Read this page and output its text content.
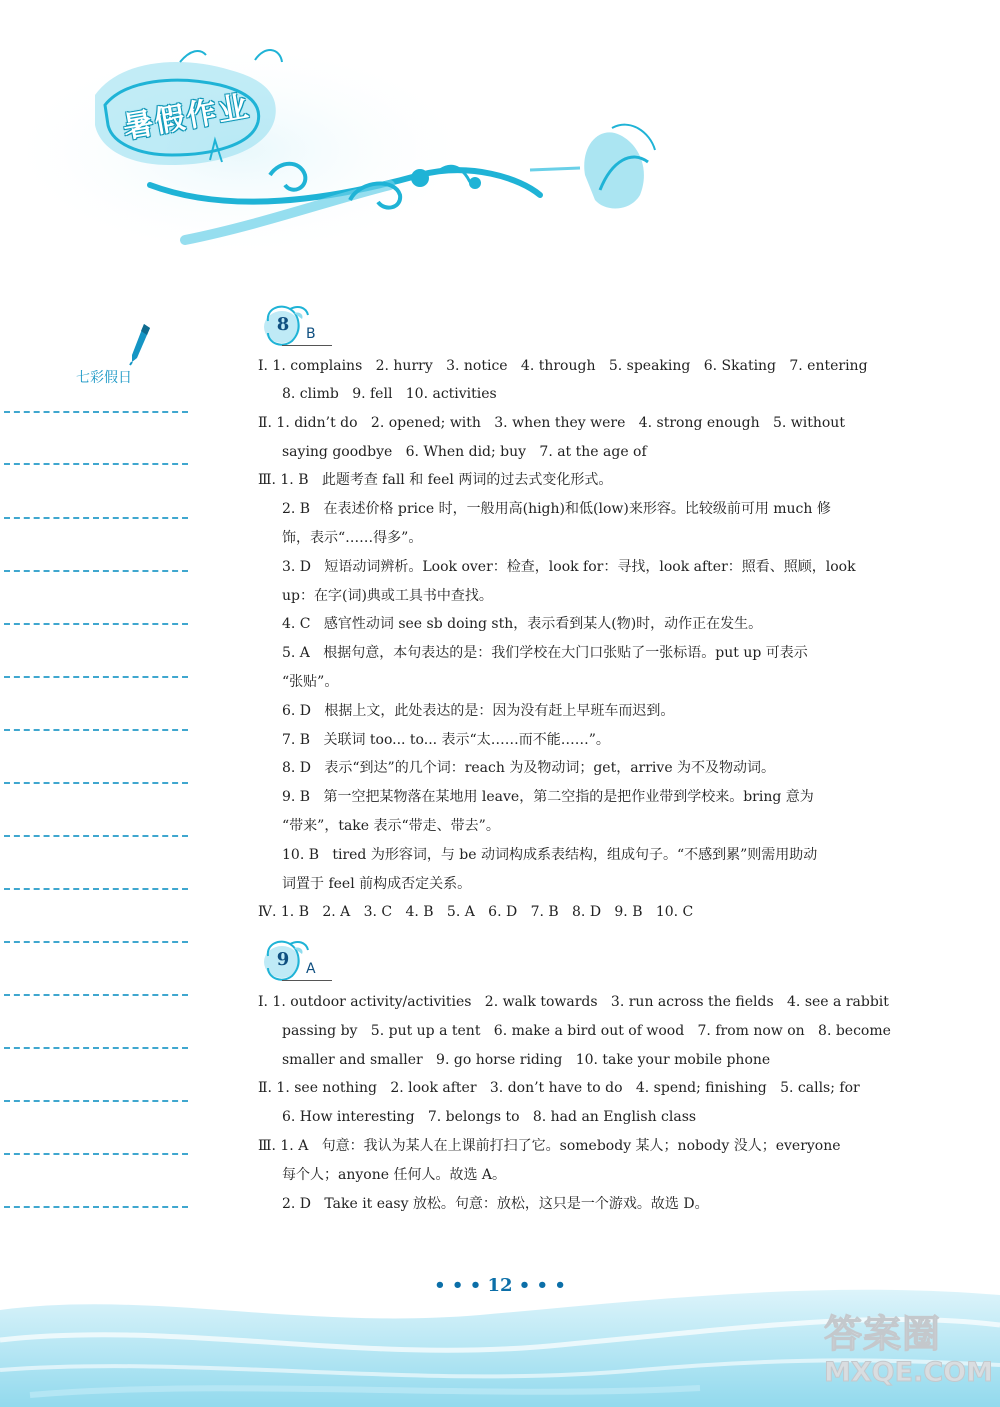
暑假作业
七彩假日
8	B
Ⅰ. 1. complains   2. hurry   3. notice   4. through   5. speaking   6. Skating   7. entering
8. climb   9. fell   10. activities
Ⅱ. 1. didn’t do   2. opened; with   3. when they were   4. strong enough   5. without
saying goodbye   6. When did; buy   7. at the age of
Ⅲ. 1. B   此题考查 fall 和 feel 两词的过去式变化形式。
2. B   在表述价格 price 时，一般用高(high)和低(low)来形容。比较级前可用 much 修
饰，表示“……得多”。
3. D   短语动词辨析。Look over：检查，look for：寻找，look after：照看、照顾，look
up：在字(词)典或工具书中查找。
4. C   感官性动词 see sb doing sth，表示看到某人(物)时，动作正在发生。
5. A   根据句意，本句表达的是：我们学校在大门口张贴了一张标语。put up 可表示
“张贴”。
6. D   根据上文，此处表达的是：因为没有赶上早班车而迟到。
7. B   关联词 too... to... 表示“太……而不能……”。
8. D   表示“到达”的几个词：reach 为及物动词；get，arrive 为不及物动词。
9. B   第一空把某物落在某地用 leave，第二空指的是把作业带到学校来。bring 意为
“带来”，take 表示“带走、带去”。
10. B   tired 为形容词，与 be 动词构成系表结构，组成句子。“不感到累”则需用助动
词置于 feel 前构成否定关系。
Ⅳ. 1. B   2. A   3. C   4. B   5. A   6. D   7. B   8. D   9. B   10. C
9	A
Ⅰ. 1. outdoor activity/activities   2. walk towards   3. run across the fields   4. see a rabbit
passing by   5. put up a tent   6. make a bird out of wood   7. from now on   8. become
smaller and smaller   9. go horse riding   10. take your mobile phone
Ⅱ. 1. see nothing   2. look after   3. don’t have to do   4. spend; finishing   5. calls; for
6. How interesting   7. belongs to   8. had an English class
Ⅲ. 1. A   句意：我认为某人在上课前打扫了它。somebody 某人；nobody 没人；everyone
每个人；anyone 任何人。故选 A。
2. D   Take it easy 放松。句意：放松，这只是一个游戏。故选 D。
• • • 12 • • •
答案圈
MXQE.COM
